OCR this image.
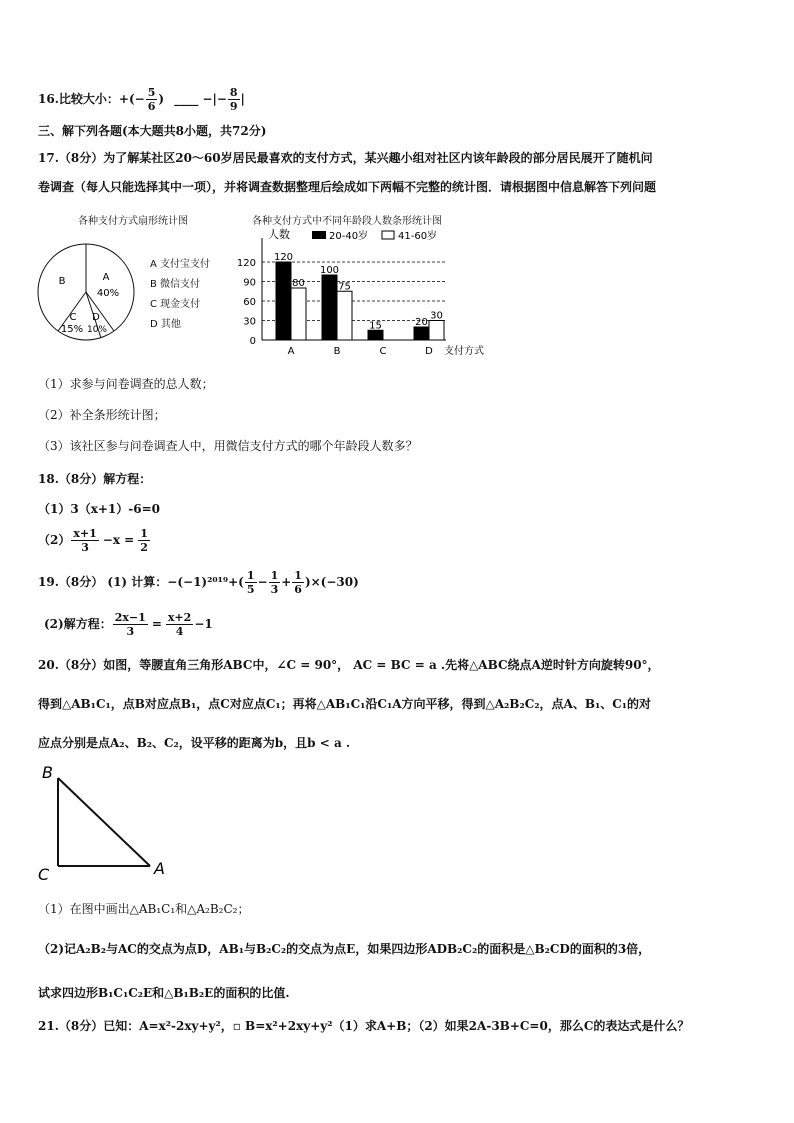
16.比较大小：+(− $\frac{5}{6}$ ) ____ −|− $\frac{8}{9}$ |
三、解下列各题(本大题共8小题，共72分)
17.（8分）为了解某社区20～60岁居民最喜欢的支付方式，某兴趣小组对社区内该年龄段的部分居民展开了随机问
卷调查（每人只能选择其中一项），并将调查数据整理后绘成如下两幅不完整的统计图．请根据图中信息解答下列问题
各种支付方式扇形统计图	各种支付方式中不同年龄段人数条形统计图
A
40%
B
C
15%
D
10%
A 支付宝支付
B 微信支付
C 现金支付
D 其他
人数	20-40岁	41-60岁
支付方式
0
30
60
90
120
120
80
A
100
75
B
15
C
20
30
D
（1）求参与问卷调查的总人数；
（2）补全条形统计图；
（3）该社区参与问卷调查人中，用微信支付方式的哪个年龄段人数多？
18.（8分）解方程：
（1）3（x+1）-6=0
$(2) \frac{x+1}{3} -x = \frac{1}{2}$
19.（8分） (1) 计算：$-(-1)^{2019}+( \frac{1}{5} - \frac{1}{3} + \frac{1}{6} )\times(-30)$
(2)解方程： $\frac{2x-1}{3} = \frac{x+2}{4} -1$
20.（8分）如图，等腰直角三角形ABC中，∠C = 90°， AC = BC = a .先将△ABC绕点A逆时针方向旋转90°，
得到△AB₁C₁，点B对应点B₁，点C对应点C₁；再将△AB₁C₁沿C₁A方向平移，得到△A₂B₂C₂，点A、B₁、C₁的对
应点分别是点A₂、B₂、C₂，设平移的距离为b，且b < a .
B
C	A
（1）在图中画出△AB₁C₁和△A₂B₂C₂；
（2)记A₂B₂与AC的交点为点D，AB₁与B₂C₂的交点为点E，如果四边形ADB₂C₂的面积是△B₂CD的面积的3倍，
试求四边形B₁C₁C₂E和△B₁B₂E的面积的比值.
21.（8分）已知：A=x²-2xy+y²，▫ B=x²+2xy+y²（1）求A+B；（2）如果2A-3B+C=0，那么C的表达式是什么？
